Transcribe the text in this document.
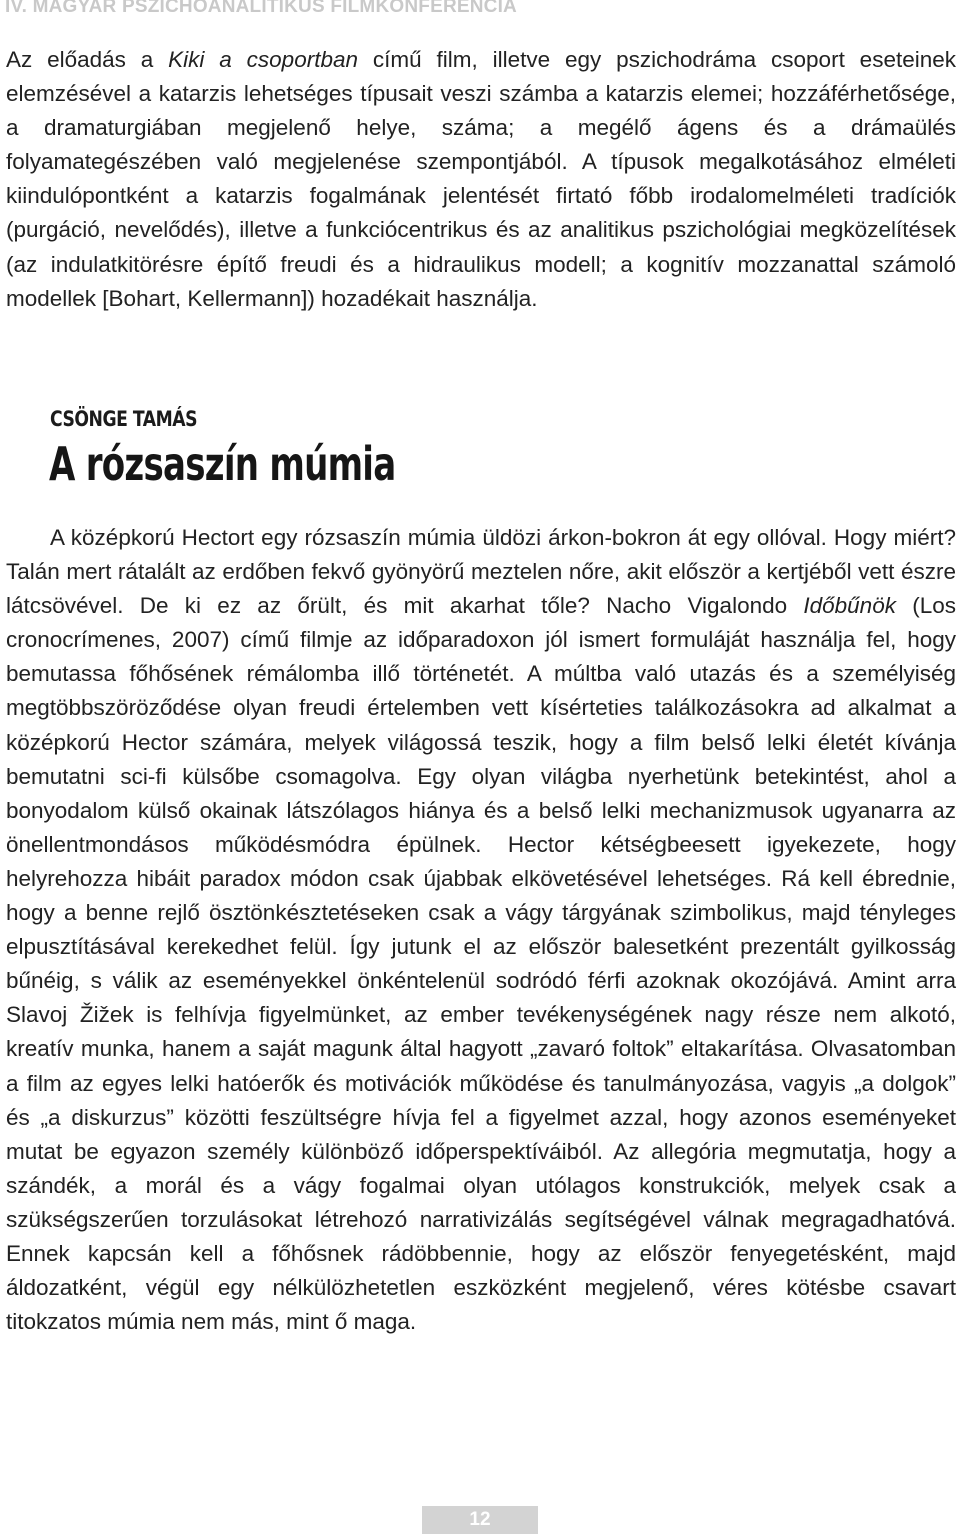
IV. MAGYAR PSZICHOANALITIKUS FILMKONFERENCIA

Az előadás a Kiki a csoportban című film, illetve egy pszichodráma csoport eseteinek elemzésével a katarzis lehetséges típusait veszi számba a katarzis elemei; hozzáférhetősége, a dramaturgiában megjelenő helye, száma; a megélő ágens és a drámaülés folyamategészében való megjelenése szempontjából. A típusok megalkotásához elméleti kiindulópontként a katarzis fogalmának jelentését firtató főbb irodalomelméleti tradíciók (purgáció, nevelődés), illetve a funkciócentrikus és az analitikus pszichológiai megközelítések (az indulatkitörésre építő freudi és a hidraulikus modell; a kognitív mozzanattal számoló modellek [Bohart, Kellermann]) hozadékait használja.

CSÖNGE TAMÁS
A rózsaszín múmia

A középkorú Hectort egy rózsaszín múmia üldözi árkon-bokron át egy ollóval. Hogy miért? Talán mert rátalált az erdőben fekvő gyönyörű meztelen nőre, akit először a kertjéből vett észre látcsövével. De ki ez az őrült, és mit akarhat tőle? Nacho Vigalondo Időbűnök (Los cronocrímenes, 2007) című filmje az időparadoxon jól ismert formuláját használja fel, hogy bemutassa főhősének rémálomba illő történetét. A múltba való utazás és a személyiség megtöbbszöröződése olyan freudi értelemben vett kísérteties találkozásokra ad alkalmat a középkorú Hector számára, melyek világossá teszik, hogy a film belső lelki életét kívánja bemutatni sci-fi külsőbe csomagolva. Egy olyan világba nyerhetünk betekintést, ahol a bonyodalom külső okainak látszólagos hiánya és a belső lelki mechanizmusok ugyanarra az önellentmondásos működésmódra épülnek. Hector kétségbeesett igyekezete, hogy helyrehozza hibáit paradox módon csak újabbak elkövetésével lehetséges. Rá kell ébrednie, hogy a benne rejlő ösztönkésztetéseken csak a vágy tárgyának szimbolikus, majd tényleges elpusztításával kerekedhet felül. Így jutunk el az először balesetként prezentált gyilkosság bűnéig, s válik az eseményekkel önkéntelenül sodródó férfi azoknak okozójává. Amint arra Slavoj Žižek is felhívja figyelmünket, az ember tevékenységének nagy része nem alkotó, kreatív munka, hanem a saját magunk által hagyott „zavaró foltok” eltakarítása. Olvasatomban a film az egyes lelki hatóerők és motivációk működése és tanulmányozása, vagyis „a dolgok” és „a diskurzus” közötti feszültségre hívja fel a figyelmet azzal, hogy azonos eseményeket mutat be egyazon személy különböző időperspektíváiból. Az allegória megmutatja, hogy a szándék, a morál és a vágy fogalmai olyan utólagos konstrukciók, melyek csak a szükségszerűen torzulásokat létrehozó narrativizálás segítségével válnak megragadhatóvá. Ennek kapcsán kell a főhősnek rádöbbennie, hogy az először fenyegetésként, majd áldozatként, végül egy nélkülözhetetlen eszközként megjelenő, véres kötésbe csavart titokzatos múmia nem más, mint ő maga.

12
